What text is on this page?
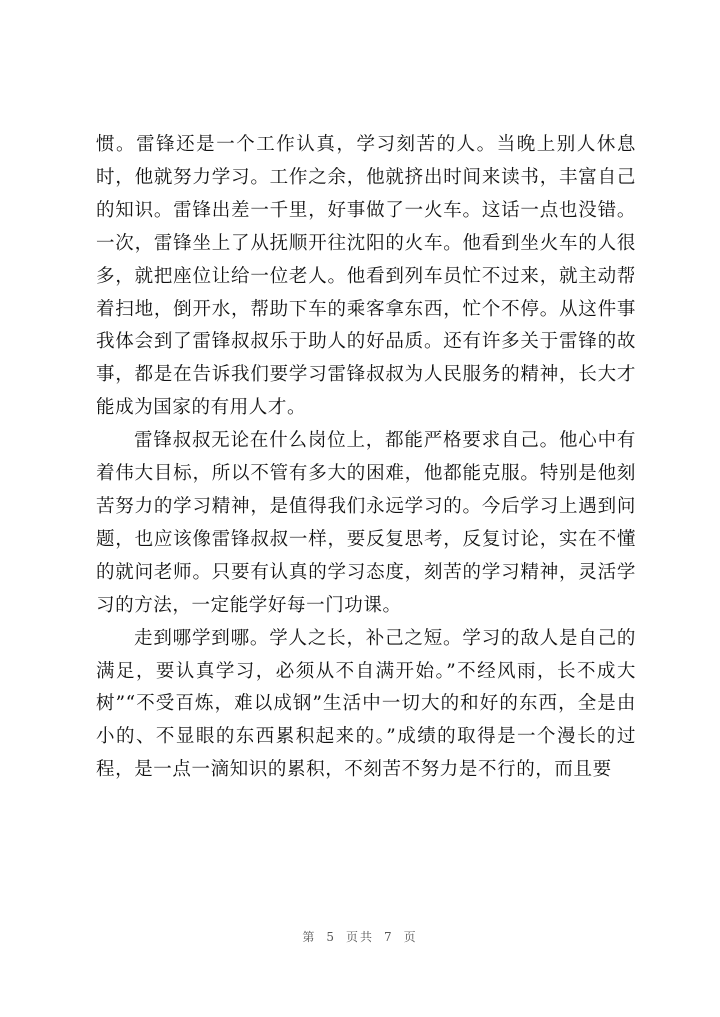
惯。雷锋还是一个工作认真，学习刻苦的人。当晚上别人休息时，他就努力学习。工作之余，他就挤出时间来读书，丰富自己的知识。雷锋出差一千里，好事做了一火车。这话一点也没错。一次，雷锋坐上了从抚顺开往沈阳的火车。他看到坐火车的人很多，就把座位让给一位老人。他看到列车员忙不过来，就主动帮着扫地，倒开水，帮助下车的乘客拿东西，忙个不停。从这件事我体会到了雷锋叔叔乐于助人的好品质。还有许多关于雷锋的故事，都是在告诉我们要学习雷锋叔叔为人民服务的精神，长大才能成为国家的有用人才。

雷锋叔叔无论在什么岗位上，都能严格要求自己。他心中有着伟大目标，所以不管有多大的困难，他都能克服。特别是他刻苦努力的学习精神，是值得我们永远学习的。今后学习上遇到问题，也应该像雷锋叔叔一样，要反复思考，反复讨论，实在不懂的就问老师。只要有认真的学习态度，刻苦的学习精神，灵活学习的方法，一定能学好每一门功课。

走到哪学到哪。学人之长，补己之短。学习的敌人是自己的满足，要认真学习，必须从不自满开始。”不经风雨，长不成大树”“不受百炼，难以成钢”生活中一切大的和好的东西，全是由小的、不显眼的东西累积起来的。”成绩的取得是一个漫长的过程，是一点一滴知识的累积，不刻苦不努力是不行的，而且要

第 5 页共 7 页
